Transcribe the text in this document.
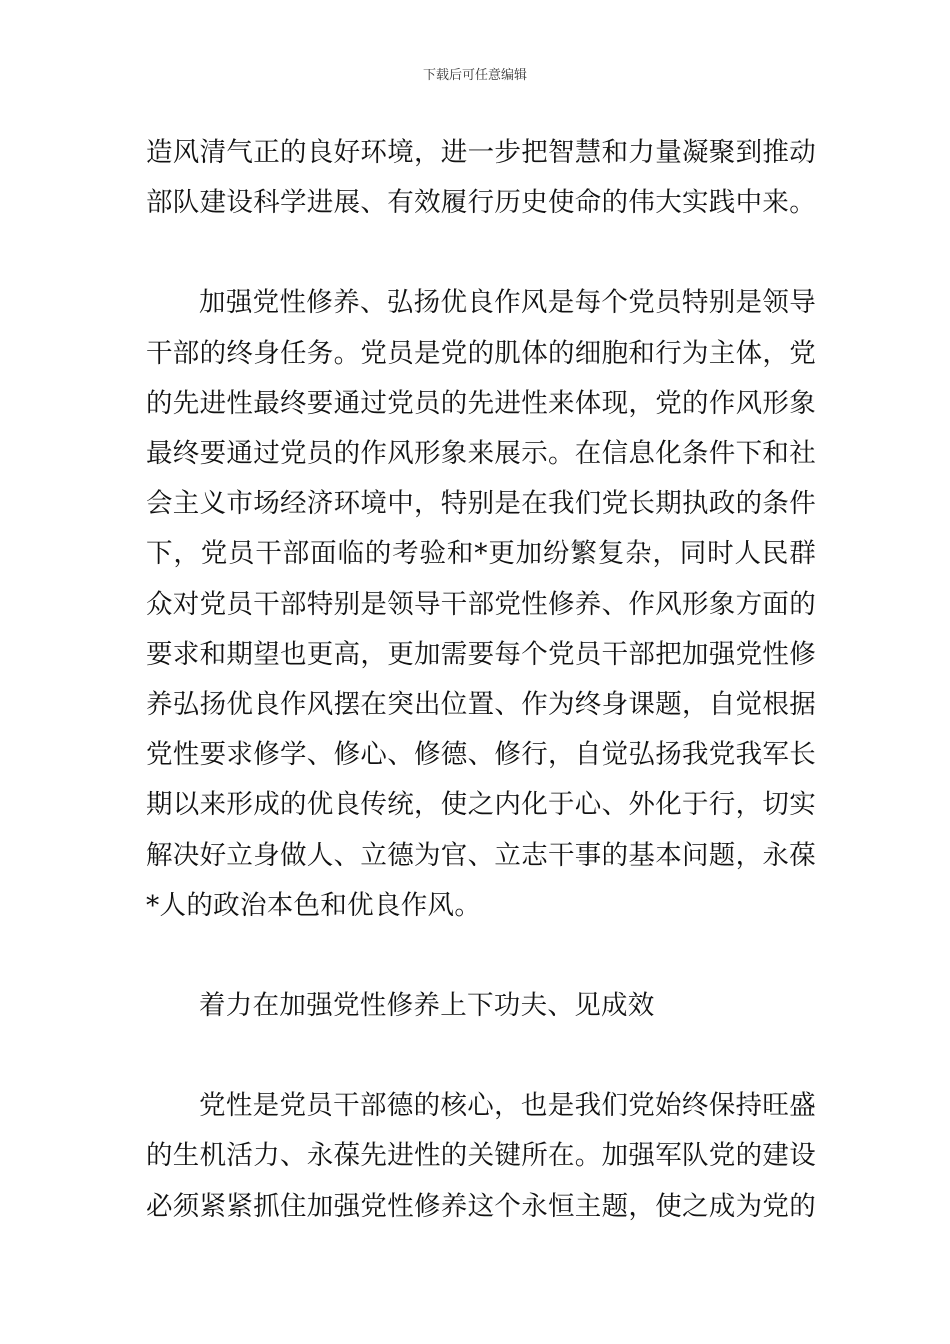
下载后可任意编辑

造风清气正的良好环境，进一步把智慧和力量凝聚到推动部队建设科学进展、有效履行历史使命的伟大实践中来。

加强党性修养、弘扬优良作风是每个党员特别是领导干部的终身任务。党员是党的肌体的细胞和行为主体，党的先进性最终要通过党员的先进性来体现，党的作风形象最终要通过党员的作风形象来展示。在信息化条件下和社会主义市场经济环境中，特别是在我们党长期执政的条件下，党员干部面临的考验和*更加纷繁复杂，同时人民群众对党员干部特别是领导干部党性修养、作风形象方面的要求和期望也更高，更加需要每个党员干部把加强党性修养弘扬优良作风摆在突出位置、作为终身课题，自觉根据党性要求修学、修心、修德、修行，自觉弘扬我党我军长期以来形成的优良传统，使之内化于心、外化于行，切实解决好立身做人、立德为官、立志干事的基本问题，永葆*人的政治本色和优良作风。

着力在加强党性修养上下功夫、见成效

党性是党员干部德的核心，也是我们党始终保持旺盛的生机活力、永葆先进性的关键所在。加强军队党的建设必须紧紧抓住加强党性修养这个永恒主题，使之成为党的
